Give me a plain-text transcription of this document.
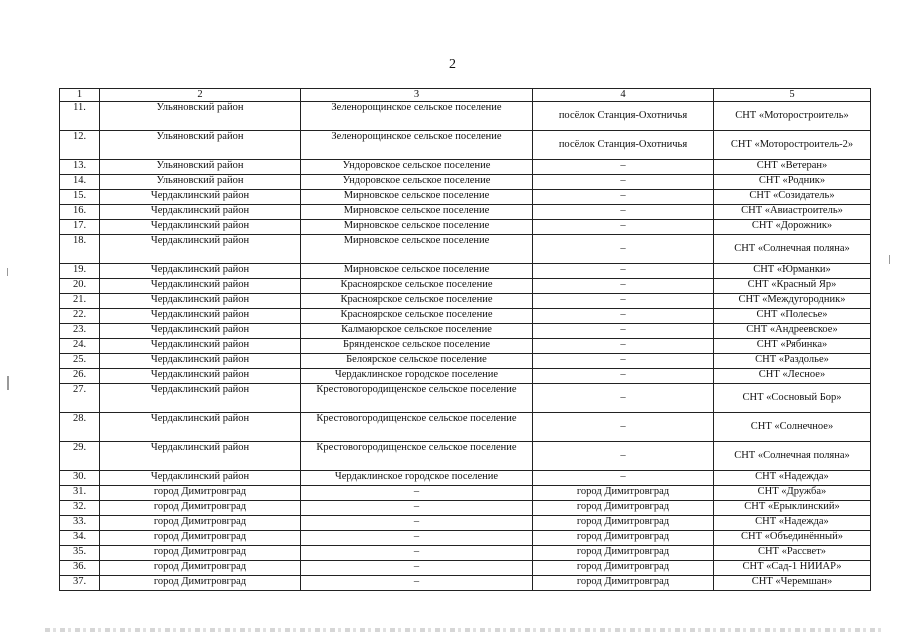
2
1	2	3	4	5
11.	Ульяновский район	Зеленорощинское сельское поселение	посёлок Станция-Охотничья	СНТ «Моторостроитель»
12.	Ульяновский район	Зеленорощинское сельское поселение	посёлок Станция-Охотничья	СНТ «Моторостроитель-2»
13.	Ульяновский район	Ундоровское сельское поселение	–	СНТ «Ветеран»
14.	Ульяновский район	Ундоровское сельское поселение	–	СНТ «Родник»
15.	Чердаклинский район	Мирновское сельское поселение	–	СНТ «Созидатель»
16.	Чердаклинский район	Мирновское сельское поселение	–	СНТ «Авиастроитель»
17.	Чердаклинский район	Мирновское сельское поселение	–	СНТ «Дорожник»
18.	Чердаклинский район	Мирновское сельское поселение	–	СНТ «Солнечная поляна»
19.	Чердаклинский район	Мирновское сельское поселение	–	СНТ «Юрманки»
20.	Чердаклинский район	Красноярское сельское поселение	–	СНТ «Красный Яр»
21.	Чердаклинский район	Красноярское сельское поселение	–	СНТ «Междугородник»
22.	Чердаклинский район	Красноярское сельское поселение	–	СНТ «Полесье»
23.	Чердаклинский район	Калмаюрское сельское поселение	–	СНТ «Андреевское»
24.	Чердаклинский район	Брянденское сельское поселение	–	СНТ «Рябинка»
25.	Чердаклинский район	Белоярское сельское поселение	–	СНТ «Раздолье»
26.	Чердаклинский район	Чердаклинское городское поселение	–	СНТ «Лесное»
27.	Чердаклинский район	Крестовогородищенское сельское поселение	–	СНТ «Сосновый Бор»
28.	Чердаклинский район	Крестовогородищенское сельское поселение	–	СНТ «Солнечное»
29.	Чердаклинский район	Крестовогородищенское сельское поселение	–	СНТ «Солнечная поляна»
30.	Чердаклинский район	Чердаклинское городское поселение	–	СНТ «Надежда»
31.	город Димитровград	–	город Димитровград	СНТ «Дружба»
32.	город Димитровград	–	город Димитровград	СНТ «Ерыклинский»
33.	город Димитровград	–	город Димитровград	СНТ «Надежда»
34.	город Димитровград	–	город Димитровград	СНТ «Объединённый»
35.	город Димитровград	–	город Димитровград	СНТ «Рассвет»
36.	город Димитровград	–	город Димитровград	СНТ «Сад-1 НИИАР»
37.	город Димитровград	–	город Димитровград	СНТ «Черемшан»
